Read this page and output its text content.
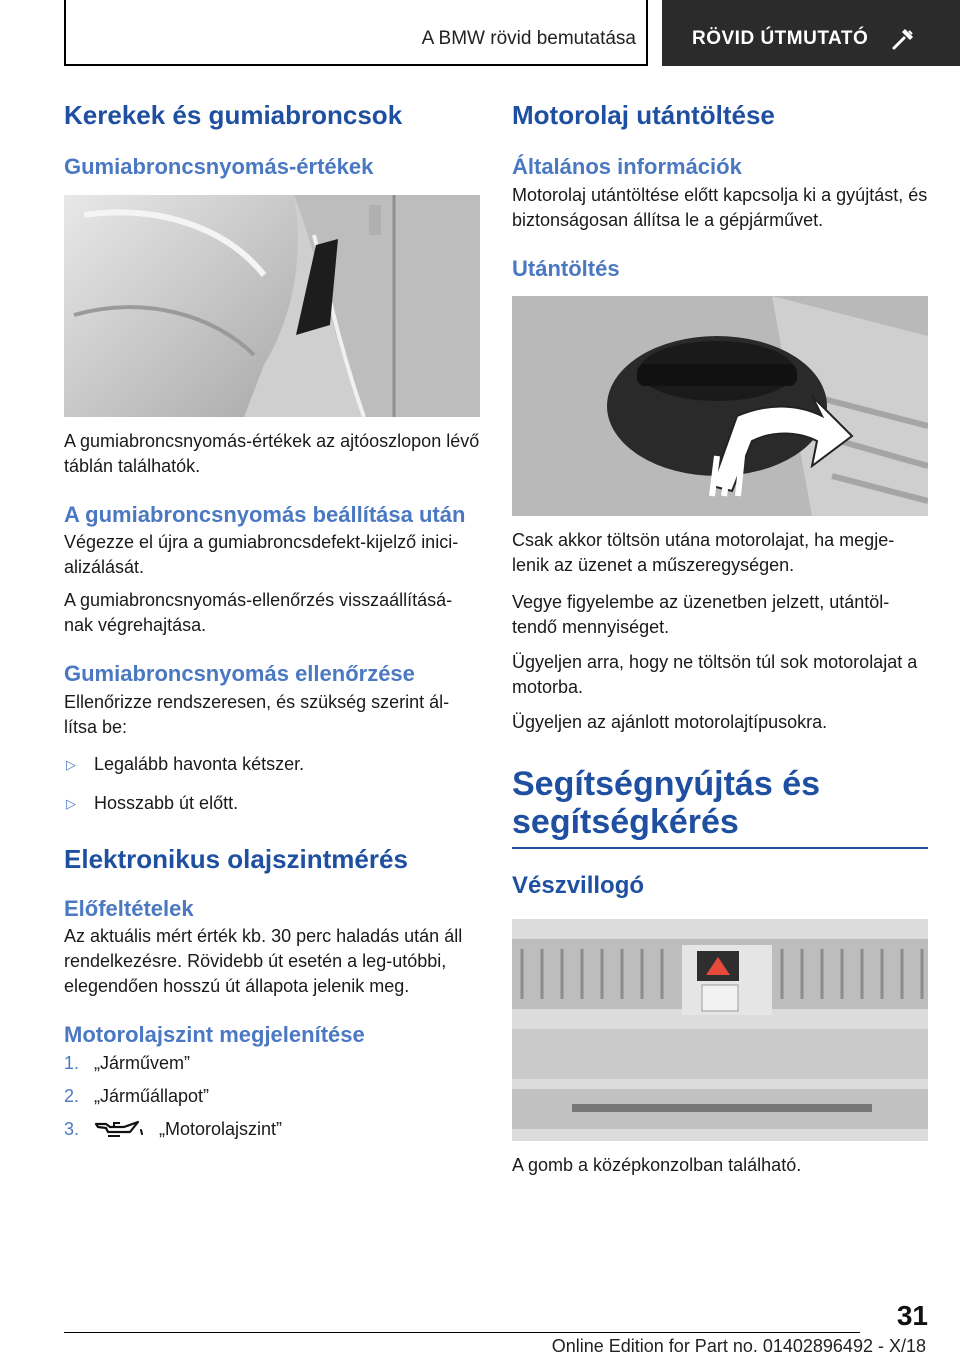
A BMW rövid bemutatása	RÖVID ÚTMUTATÓ
Kerekek és gumiabroncsok
Gumiabroncsnyomás-értékek

A gumiabroncsnyomás-értékek az ajtóoszlopon lévő táblán találhatók.

A gumiabroncsnyomás beállítása után

Végezze el újra a gumiabroncsdefekt-kijelző inici-alizálását.

A gumiabroncsnyomás-ellenőrzés visszaállításá-nak végrehajtása.

Gumiabroncsnyomás ellenőrzése

Ellenőrizze rendszeresen, és szükség szerint ál-lítsa be:

▷ Legalább havonta kétszer.
▷ Hosszabb út előtt.
Elektronikus olajszintmérés
Előfeltételek

Az aktuális mért érték kb. 30 perc haladás után áll rendelkezésre. Rövidebb út esetén a leg-utóbbi, elegendően hosszú út állapota jelenik meg.

Motorolajszint megjelenítése
1. „Járművem”
2. „Járműállapot”
3.	„Motorolajszint”
Motorolaj utántöltése
Általános információk

Motorolaj utántöltése előtt kapcsolja ki a gyújtást, és biztonságosan állítsa le a gépjárművet.

Utántöltés

Csak akkor töltsön utána motorolajat, ha megje-lenik az üzenet a műszeregységen.

Vegye figyelembe az üzenetben jelzett, utántöl-tendő mennyiséget.

Ügyeljen arra, hogy ne töltsön túl sok motorolajat a motorba.

Ügyeljen az ajánlott motorolajtípusokra.

Segítségnyújtás és segítségkérés
Vészvillogó

A gomb a középkonzolban található.

31
Online Edition for Part no. 01402896492 - X/18
